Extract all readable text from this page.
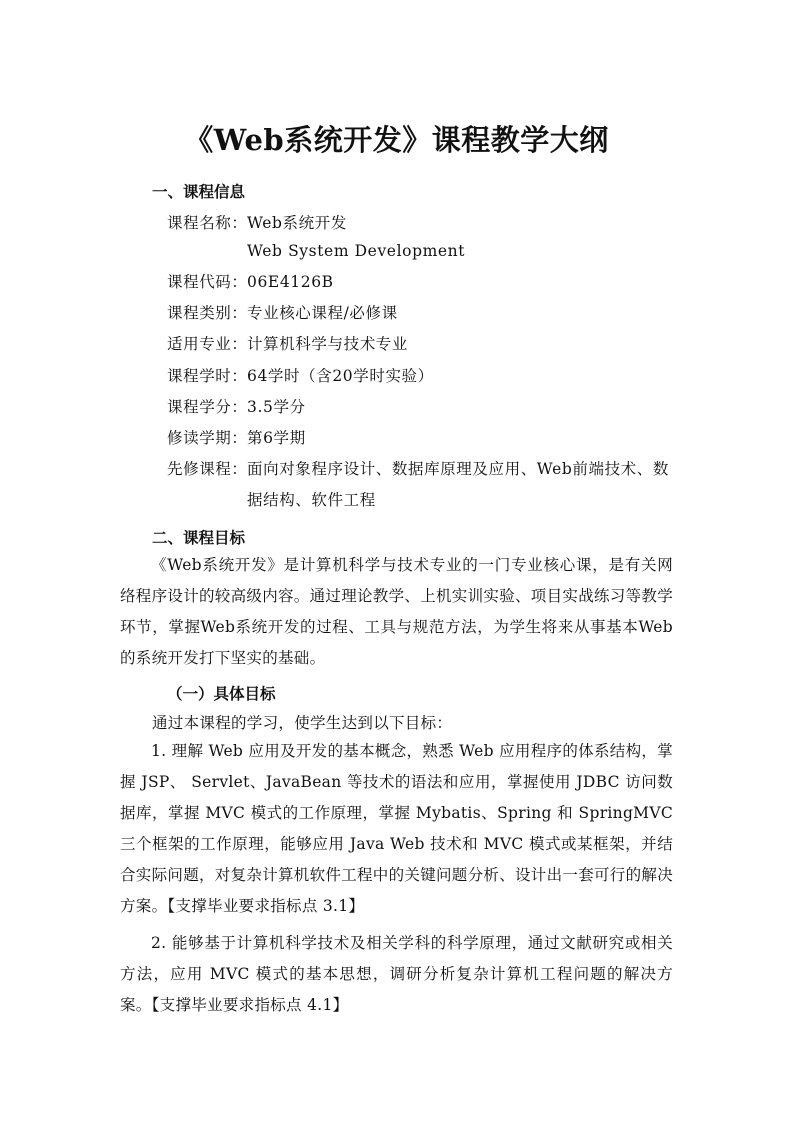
《Web系统开发》课程教学大纲
一、课程信息
课程名称：Web系统开发
Web System Development
课程代码：06E4126B
课程类别：专业核心课程/必修课
适用专业：计算机科学与技术专业
课程学时：64学时（含20学时实验）
课程学分：3.5学分
修读学期：第6学期
先修课程：面向对象程序设计、数据库原理及应用、Web前端技术、数
据结构、软件工程
二、课程目标
《Web系统开发》是计算机科学与技术专业的一门专业核心课，是有关网络程序设计的较高级内容。通过理论教学、上机实训实验、项目实战练习等教学环节，掌握Web系统开发的过程、工具与规范方法，为学生将来从事基本Web的系统开发打下坚实的基础。
（一）具体目标
通过本课程的学习，使学生达到以下目标：
1. 理解 Web 应用及开发的基本概念，熟悉 Web 应用程序的体系结构，掌握 JSP、 Servlet、JavaBean 等技术的语法和应用，掌握使用 JDBC 访问数据库，掌握 MVC 模式的工作原理，掌握 Mybatis、Spring 和 SpringMVC 三个框架的工作原理，能够应用 Java Web 技术和 MVC 模式或某框架，并结合实际问题，对复杂计算机软件工程中的关键问题分析、设计出一套可行的解决方案。【支撑毕业要求指标点 3.1】
2. 能够基于计算机科学技术及相关学科的科学原理，通过文献研究或相关方法，应用 MVC 模式的基本思想，调研分析复杂计算机工程问题的解决方案。【支撑毕业要求指标点 4.1】
